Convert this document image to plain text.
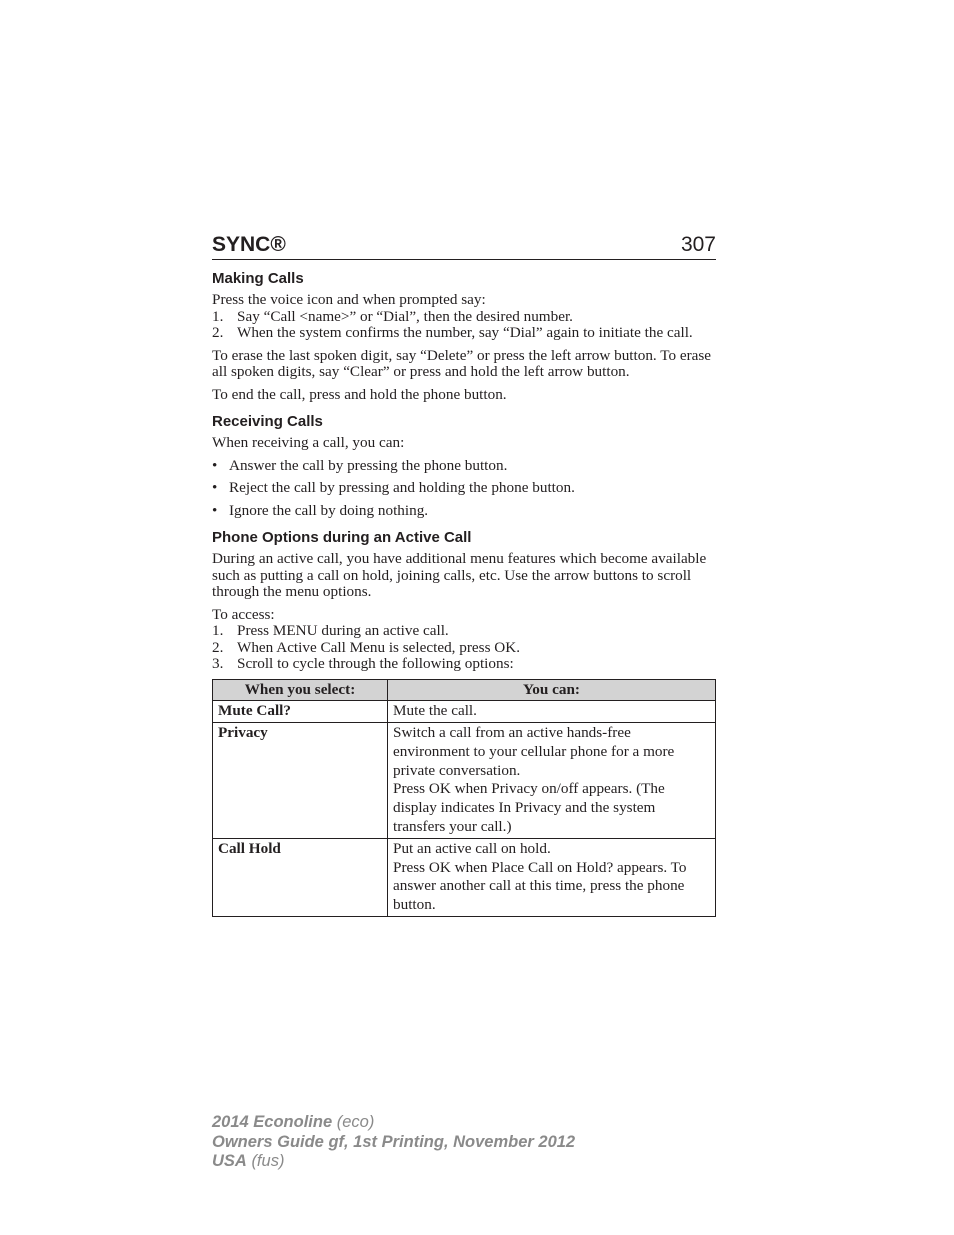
SYNC®	307
Making Calls

Press the voice icon and when prompted say:

1. Say “Call <name>” or “Dial”, then the desired number.
2. When the system confirms the number, say “Dial” again to initiate the call.

To erase the last spoken digit, say “Delete” or press the left arrow button. To erase all spoken digits, say “Clear” or press and hold the left arrow button.

To end the call, press and hold the phone button.

Receiving Calls

When receiving a call, you can:

• Answer the call by pressing the phone button.
• Reject the call by pressing and holding the phone button.
• Ignore the call by doing nothing.
Phone Options during an Active Call

During an active call, you have additional menu features which become available such as putting a call on hold, joining calls, etc. Use the arrow buttons to scroll through the menu options.

To access:

1. Press MENU during an active call.
2. When Active Call Menu is selected, press OK.
3. Scroll to cycle through the following options:
When you select:	You can:
Mute Call?	Mute the call.

Privacy	Switch a call from an active hands-free environment to your cellular phone for a more private conversation.
Press OK when Privacy on/off appears. (The display indicates In Privacy and the system transfers your call.)

Call Hold	Put an active call on hold.
Press OK when Place Call on Hold? appears. To answer another call at this time, press the phone button.
2014 Econoline (eco)
Owners Guide gf, 1st Printing, November 2012
USA (fus)
